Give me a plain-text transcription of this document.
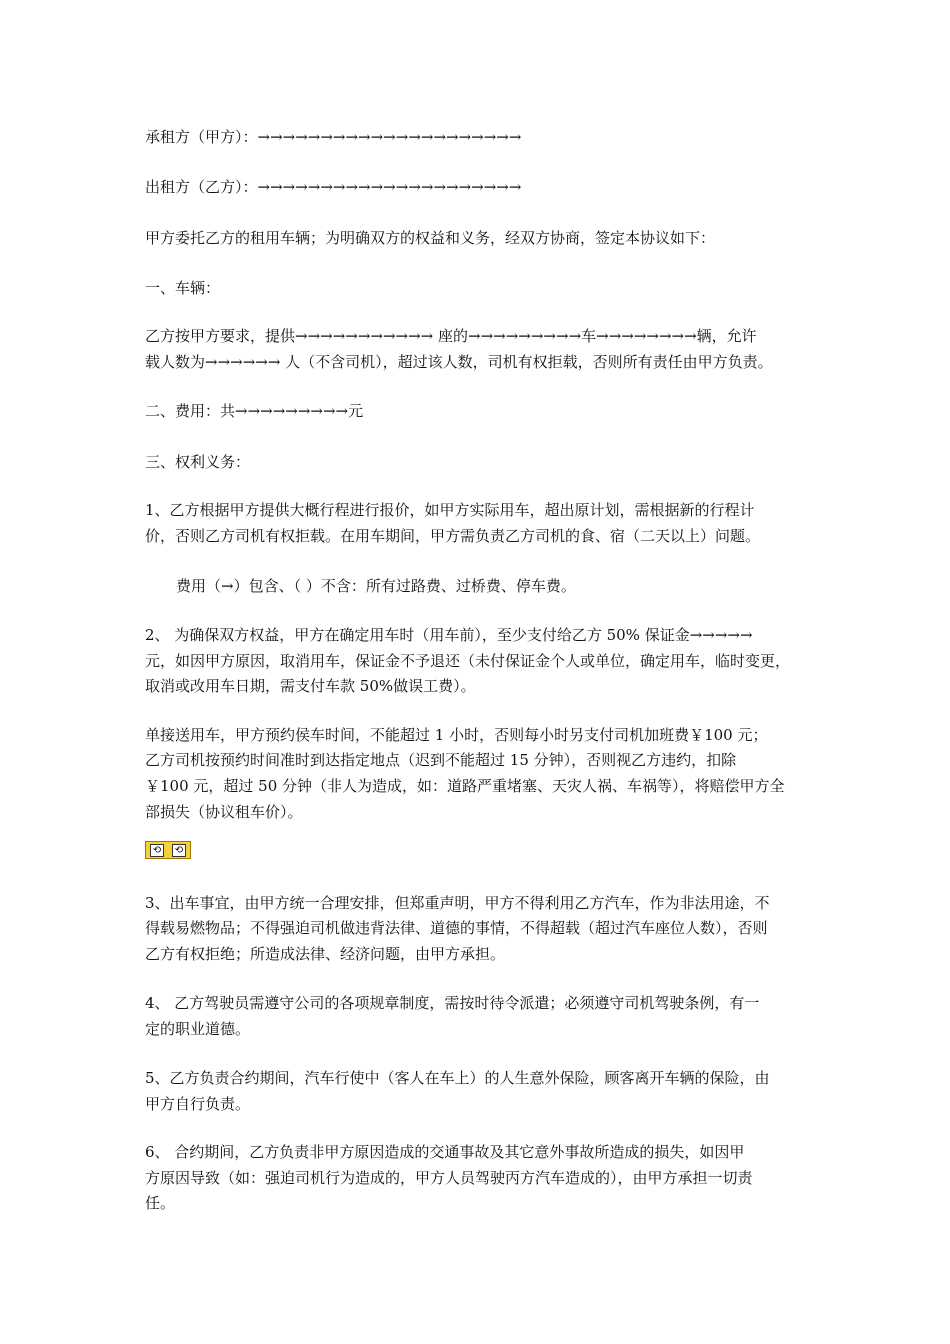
承租方（甲方）：→→→→→→→→→→→→→→→→→→→→→
出租方（乙方）：→→→→→→→→→→→→→→→→→→→→→
甲方委托乙方的租用车辆；为明确双方的权益和义务，经双方协商，签定本协议如下：
一、车辆：
乙方按甲方要求，提供→→→→→→→→→→→ 座的→→→→→→→→→车→→→→→→→→辆，允许
载人数为→→→→→→ 人（不含司机），超过该人数，司机有权拒载，否则所有责任由甲方负责。
二、费用：共→→→→→→→→→元
三、权利义务：
1、乙方根据甲方提供大概行程进行报价，如甲方实际用车，超出原计划，需根据新的行程计
价，否则乙方司机有权拒载。在用车期间，甲方需负责乙方司机的食、宿（二天以上）问题。
费用（→）包含、（ ）不含：所有过路费、过桥费、停车费。
2、 为确保双方权益，甲方在确定用车时（用车前），至少支付给乙方 50% 保证金→→→→→
元，如因甲方原因，取消用车，保证金不予退还（未付保证金个人或单位，确定用车，临时变更，
取消或改用车日期，需支付车款 50%做误工费）。
单接送用车，甲方预约侯车时间，不能超过 1 小时，否则每小时另支付司机加班费￥100 元；
乙方司机按预约时间准时到达指定地点（迟到不能超过 15 分钟），否则视乙方违约，扣除
￥100 元，超过 50 分钟（非人为造成，如：道路严重堵塞、天灾人祸、车祸等），将赔偿甲方全
部损失（协议租车价）。
⟲ ⟲
3、出车事宜，由甲方统一合理安排，但郑重声明，甲方不得利用乙方汽车，作为非法用途，不
得载易燃物品；不得强迫司机做违背法律、道德的事情，不得超载（超过汽车座位人数），否则
乙方有权拒绝；所造成法律、经济问题，由甲方承担。
4、 乙方驾驶员需遵守公司的各项规章制度，需按时待令派遣；必须遵守司机驾驶条例，有一
定的职业道德。
5、乙方负责合约期间，汽车行使中（客人在车上）的人生意外保险，顾客离开车辆的保险，由
甲方自行负责。
6、 合约期间，乙方负责非甲方原因造成的交通事故及其它意外事故所造成的损失，如因甲
方原因导致（如：强迫司机行为造成的，甲方人员驾驶丙方汽车造成的），由甲方承担一切责
任。
